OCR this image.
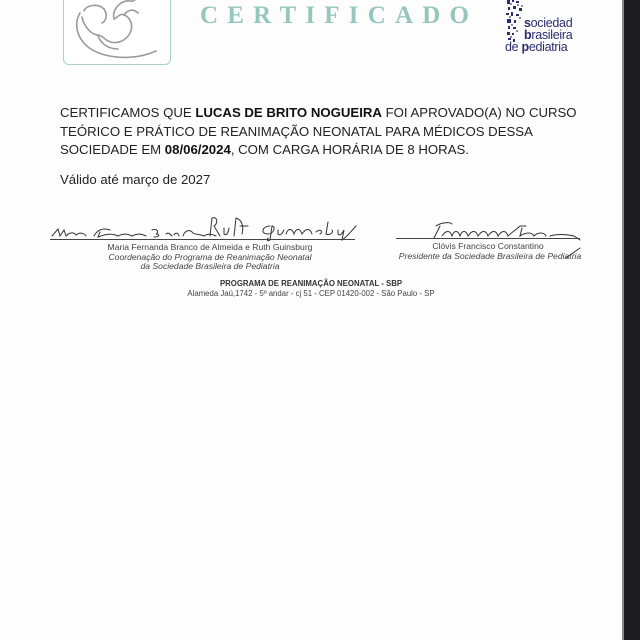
CERTIFICADO	sociedad
brasileira
de pediatria
CERTIFICAMOS QUE LUCAS DE BRITO NOGUEIRA FOI APROVADO(A) NO CURSO TEÓRICO E PRÁTICO DE REANIMAÇÃO NEONATAL PARA MÉDICOS DESSA SOCIEDADE EM 08/06/2024, COM CARGA HORÁRIA DE 8 HORAS.
Válido até março de 2027
Maria Fernanda Branco de Almeida e Ruth Guinsburg
Coordenação do Programa de Reanimação Neonatal
da Sociedade Brasileira de Pediatria
Clóvis Francisco Constantino
Presidente da Sociedade Brasileira de Pediatria
PROGRAMA DE REANIMAÇÃO NEONATAL - SBP
Alameda Jaú,1742 - 5º andar - cj 51 - CEP 01420-002 - São Paulo - SP
